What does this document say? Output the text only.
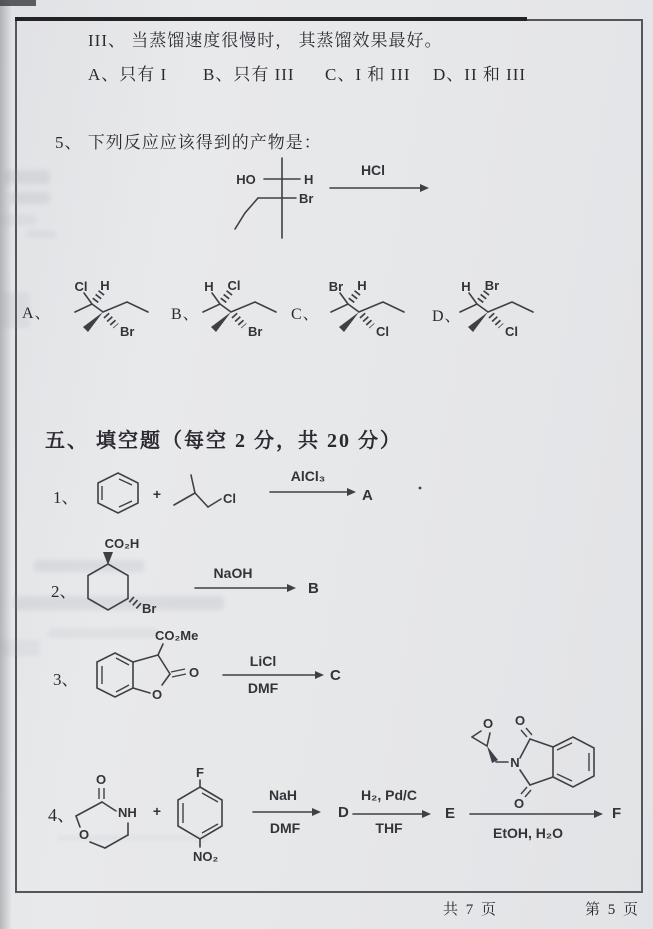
III、 当蒸馏速度很慢时， 其蒸馏效果最好。
A、只有 I B、只有 III C、I 和 III D、II 和 III
5、 下列反应应该得到的产物是：
HO	H
Br
HCl
A、
Cl H
Br
B、
H Cl
Br
C、
Br H
Cl
D、
H Br
Cl
五、 填空题（每空 2 分，共 20 分）
1、	+	Cl
AlCl₃
A
2、
CO₂H
Br
NaOH
B
3、
O
CO₂Me
O
LiCl
DMF
C
4、
O
NH
O
+
F
NO₂
NaH
DMF
D
H₂, Pd/C
THF
E
EtOH, H₂O
F
O
N
O
O
共 7 页	第 5 页
